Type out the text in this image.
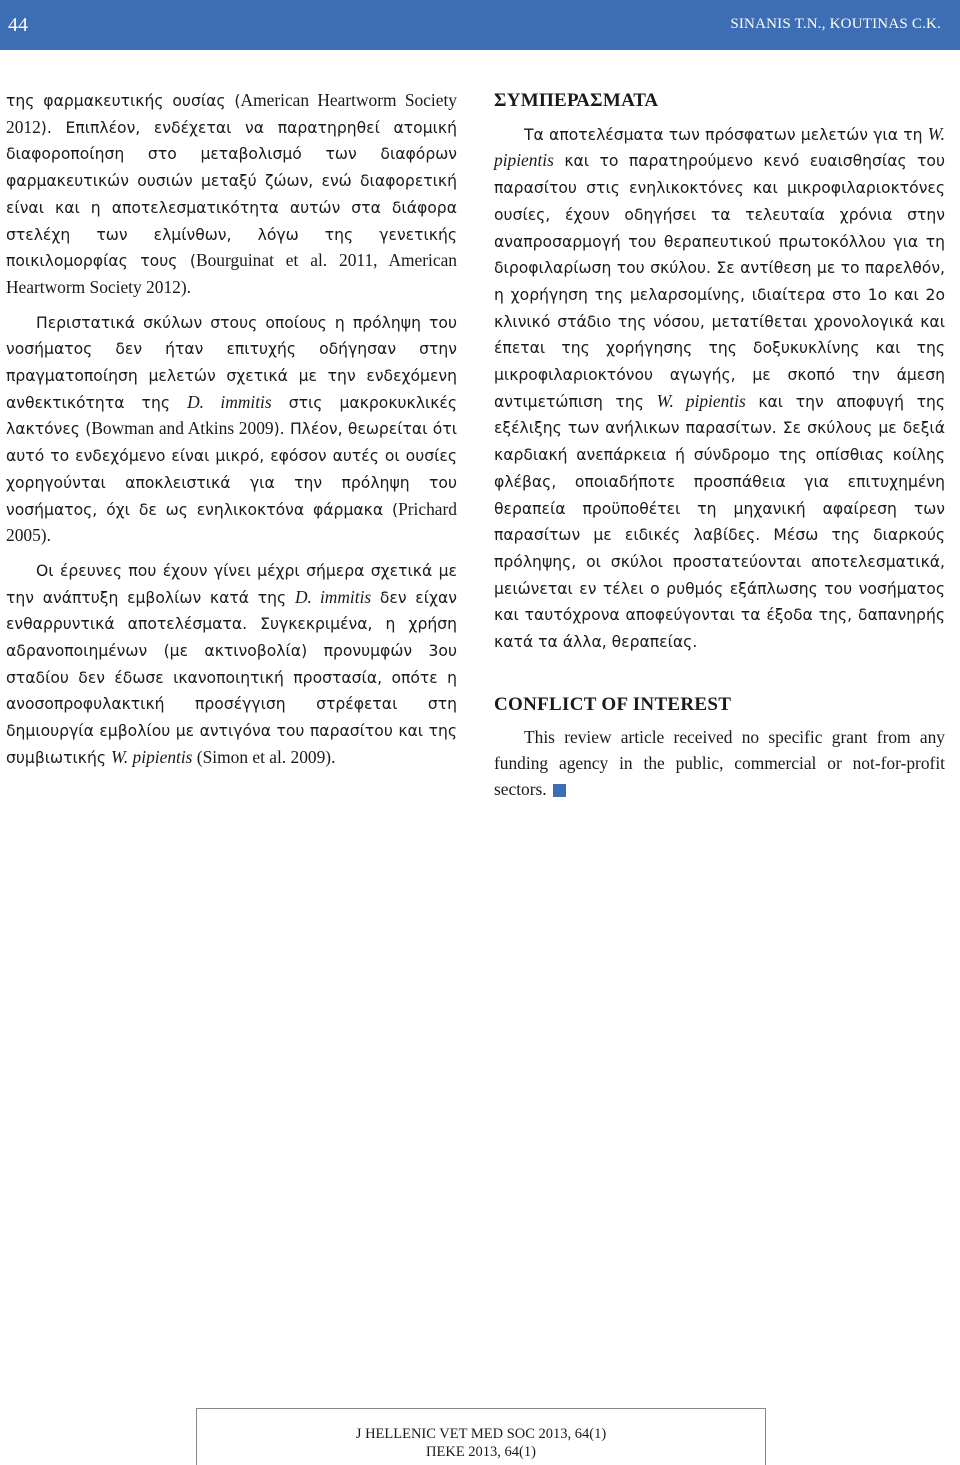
44	SINANIS T.N., KOUTINAS C.K.

της φαρμακευτικής ουσίας (American Heartworm Society 2012). Επιπλέον, ενδέχεται να παρατηρηθεί ατομική διαφοροποίηση στο μεταβολισμό των διαφόρων φαρμακευτικών ουσιών μεταξύ ζώων, ενώ διαφορετική είναι και η αποτελεσματικότητα αυτών στα διάφορα στελέχη των ελμίνθων, λόγω της γενετικής ποικιλομορφίας τους (Bourguinat et al. 2011, American Heartworm Society 2012).

Περιστατικά σκύλων στους οποίους η πρόληψη του νοσήματος δεν ήταν επιτυχής οδήγησαν στην πραγματοποίηση μελετών σχετικά με την ενδεχόμενη ανθεκτικότητα της D. immitis στις μακροκυκλικές λακτόνες (Bowman and Atkins 2009). Πλέον, θεωρείται ότι αυτό το ενδεχόμενο είναι μικρό, εφόσον αυτές οι ουσίες χορηγούνται αποκλειστικά για την πρόληψη του νοσήματος, όχι δε ως ενηλικοκτόνα φάρμακα (Prichard 2005).

Οι έρευνες που έχουν γίνει μέχρι σήμερα σχετικά με την ανάπτυξη εμβολίων κατά της D. immitis δεν είχαν ενθαρρυντικά αποτελέσματα. Συγκεκριμένα, η χρήση αδρανοποιημένων (με ακτινοβολία) προνυμφών 3ου σταδίου δεν έδωσε ικανοποιητική προστασία, οπότε η ανοσοπροφυλακτική προσέγγιση στρέφεται στη δημιουργία εμβολίου με αντιγόνα του παρασίτου και της συμβιωτικής W. pipientis (Simon et al. 2009).

ΣΥΜΠΕΡΑΣΜΑΤΑ

Τα αποτελέσματα των πρόσφατων μελετών για τη W. pipientis και το παρατηρούμενο κενό ευαισθησίας του παρασίτου στις ενηλικοκτόνες και μικροφιλαριοκτόνες ουσίες, έχουν οδηγήσει τα τελευταία χρόνια στην αναπροσαρμογή του θεραπευτικού πρωτοκόλλου για τη διροφιλαρίωση του σκύλου. Σε αντίθεση με το παρελθόν, η χορήγηση της μελαρσομίνης, ιδιαίτερα στο 1ο και 2ο κλινικό στάδιο της νόσου, μετατίθεται χρονολογικά και έπεται της χορήγησης της δοξυκυκλίνης και της μικροφιλαριοκτόνου αγωγής, με σκοπό την άμεση αντιμετώπιση της W. pipientis και την αποφυγή της εξέλιξης των ανήλικων παρασίτων. Σε σκύλους με δεξιά καρδιακή ανεπάρκεια ή σύνδρομο της οπίσθιας κοίλης φλέβας, οποιαδήποτε προσπάθεια για επιτυχημένη θεραπεία προϋποθέτει τη μηχανική αφαίρεση των παρασίτων με ειδικές λαβίδες. Μέσω της διαρκούς πρόληψης, οι σκύλοι προστατεύονται αποτελεσματικά, μειώνεται εν τέλει ο ρυθμός εξάπλωσης του νοσήματος και ταυτόχρονα αποφεύγονται τα έξοδα της, δαπανηρής κατά τα άλλα, θεραπείας.

CONFLICT OF INTEREST

This review article received no specific grant from any funding agency in the public, commercial or not-for-profit sectors.

J HELLENIC VET MED SOC 2013, 64(1)
ΠΕΚΕ 2013, 64(1)
